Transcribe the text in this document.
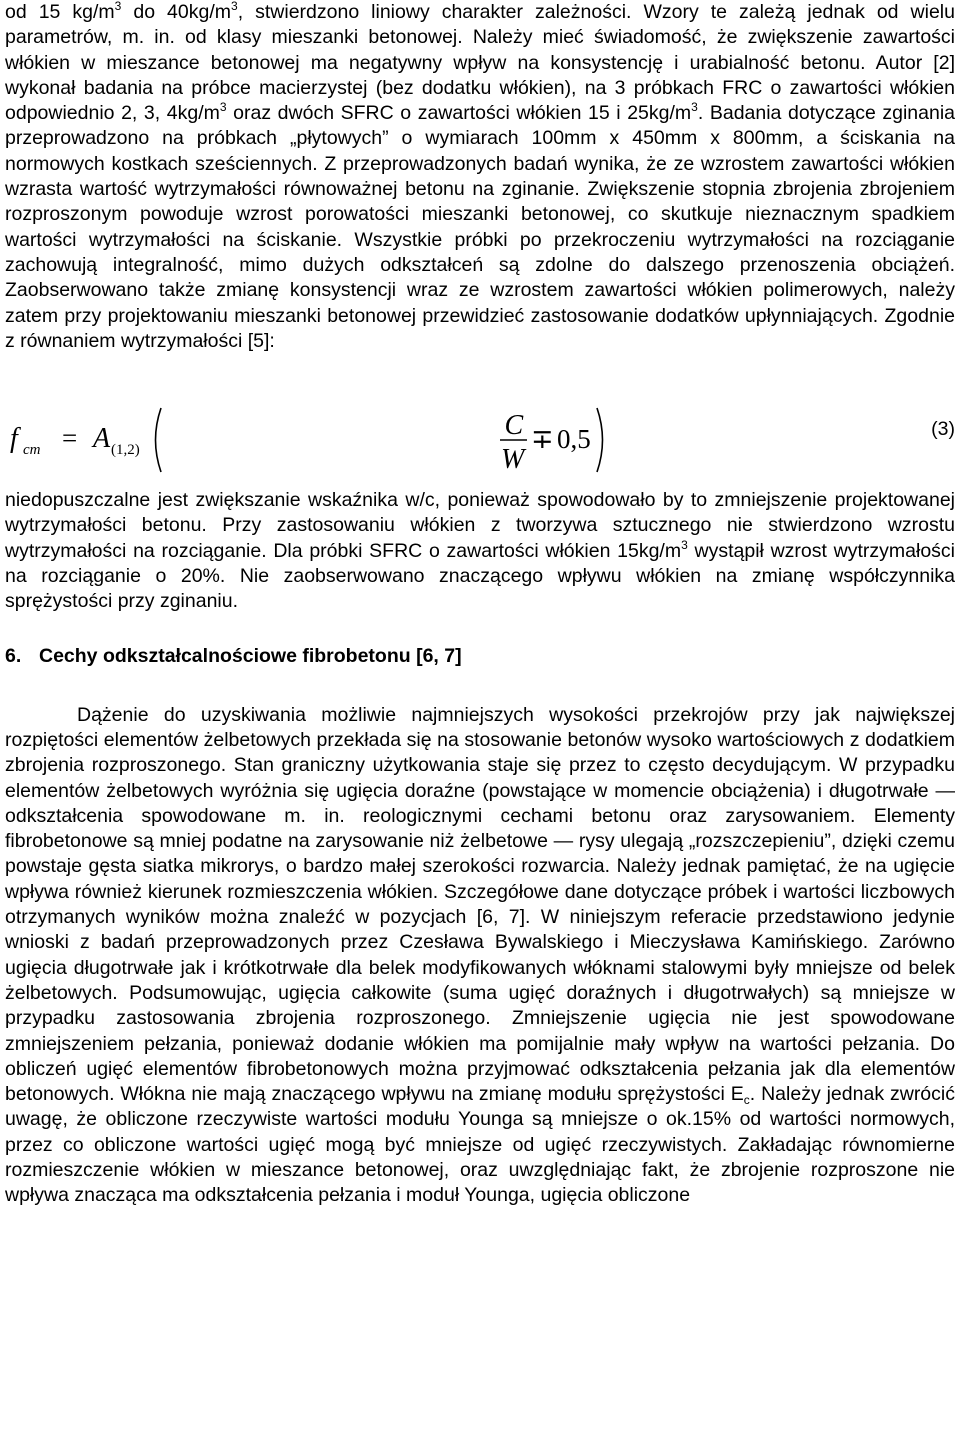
od 15 $kg/m^3$ do $40kg/m^3$, stwierdzono liniowy charakter zależności. Wzory te zależą jednak od wielu parametrów, m. in. od klasy mieszanki betonowej. Należy mieć świadomość, że zwiększenie zawartości włókien w mieszance betonowej ma negatywny wpływ na konsystencję i urabialność betonu. Autor [2] wykonał badania na próbce macierzystej (bez dodatku włókien), na 3 próbkach FRC o zawartości włókien odpowiednio 2, 3, $4kg/m^3$ oraz dwóch SFRC o zawartości włókien 15 i $25kg/m^3$. Badania dotyczące zginania przeprowadzono na próbkach „płytowych” o wymiarach 100mm x 450mm x 800mm, a ściskania na normowych kostkach sześciennych. Z przeprowadzonych badań wynika, że ze wzrostem zawartości włókien wzrasta wartość wytrzymałości równoważnej betonu na zginanie. Zwiększenie stopnia zbrojenia zbrojeniem rozproszonym powoduje wzrost porowatości mieszanki betonowej, co skutkuje nieznacznym spadkiem wartości wytrzymałości na ściskanie. Wszystkie próbki po przekroczeniu wytrzymałości na rozciąganie zachowują integralność, mimo dużych odkształceń są zdolne do dalszego przenoszenia obciążeń. Zaobserwowano także zmianę konsystencji wraz ze wzrostem zawartości włókien polimerowych, należy zatem przy projektowaniu mieszanki betonowej przewidzieć zastosowanie dodatków upłynniających. Zgodnie z równaniem wytrzymałości [5]:

f cm = A (1,2)
C
W
∓ 0,5	(3)

niedopuszczalne jest zwiększanie wskaźnika w/c, ponieważ spowodowało by to zmniejszenie projektowanej wytrzymałości betonu. Przy zastosowaniu włókien z tworzywa sztucznego nie stwierdzono wzrostu wytrzymałości na rozciąganie. Dla próbki SFRC o zawartości włókien $15kg/m^3$ wystąpił wzrost wytrzymałości na rozciąganie o 20%. Nie zaobserwowano znaczącego wpływu włókien na zmianę współczynnika sprężystości przy zginaniu.

6. Cechy odkształcalnościowe fibrobetonu [6, 7]

Dążenie do uzyskiwania możliwie najmniejszych wysokości przekrojów przy jak największej rozpiętości elementów żelbetowych przekłada się na stosowanie betonów wysoko wartościowych z dodatkiem zbrojenia rozproszonego. Stan graniczny użytkowania staje się przez to często decydującym. W przypadku elementów żelbetowych wyróżnia się ugięcia doraźne (powstające w momencie obciążenia) i długotrwałe — odkształcenia spowodowane m. in. reologicznymi cechami betonu oraz zarysowaniem. Elementy fibrobetonowe są mniej podatne na zarysowanie niż żelbetowe — rysy ulegają „rozszczepieniu”, dzięki czemu powstaje gęsta siatka mikrorys, o bardzo małej szerokości rozwarcia. Należy jednak pamiętać, że na ugięcie wpływa również kierunek rozmieszczenia włókien. Szczegółowe dane dotyczące próbek i wartości liczbowych otrzymanych wyników można znaleźć w pozycjach [6, 7]. W niniejszym referacie przedstawiono jedynie wnioski z badań przeprowadzonych przez Czesława Bywalskiego i Mieczysława Kamińskiego. Zarówno ugięcia długotrwałe jak i krótkotrwałe dla belek modyfikowanych włóknami stalowymi były mniejsze od belek żelbetowych. Podsumowując, ugięcia całkowite (suma ugięć doraźnych i długotrwałych) są mniejsze w przypadku zastosowania zbrojenia rozproszonego. Zmniejszenie ugięcia nie jest spowodowane zmniejszeniem pełzania, ponieważ dodanie włókien ma pomijalnie mały wpływ na wartości pełzania. Do obliczeń ugięć elementów fibrobetonowych można przyjmować odkształcenia pełzania jak dla elementów betonowych. Włókna nie mają znaczącego wpływu na zmianę modułu sprężystości $E_c$. Należy jednak zwrócić uwagę, że obliczone rzeczywiste wartości modułu Younga są mniejsze o ok.15% od wartości normowych, przez co obliczone wartości ugięć mogą być mniejsze od ugięć rzeczywistych. Zakładając równomierne rozmieszczenie włókien w mieszance betonowej, oraz uwzględniając fakt, że zbrojenie rozproszone nie wpływa znacząca ma odkształcenia pełzania i moduł Younga, ugięcia obliczone
